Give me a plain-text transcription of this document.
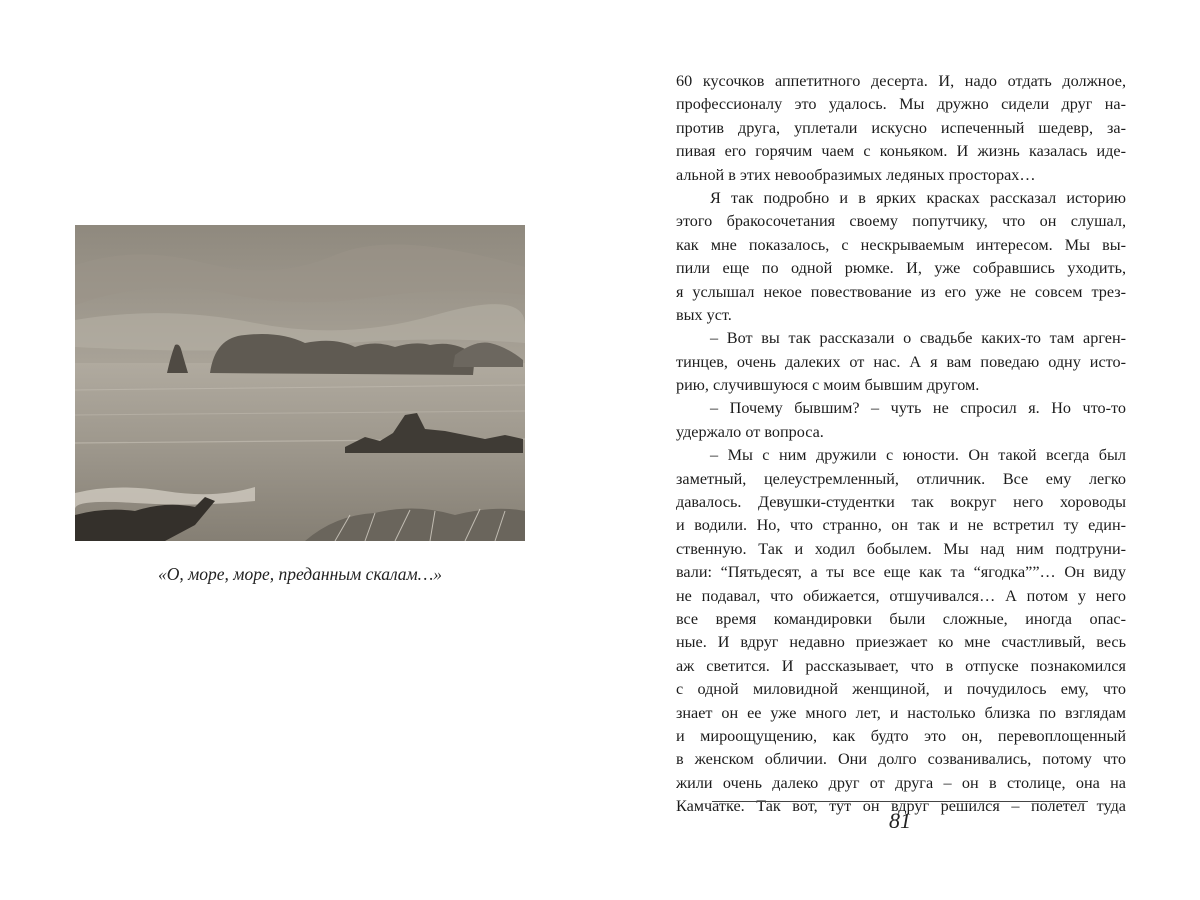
«О, море, море, преданным скалам…»
60 кусочков аппетитного десерта. И, надо отдать должное,
профессионалу это удалось. Мы дружно сидели друг на-
против друга, уплетали искусно испеченный шедевр, за-
пивая его горячим чаем с коньяком. И жизнь казалась иде-
альной в этих невообразимых ледяных просторах…
Я так подробно и в ярких красках рассказал историю
этого бракосочетания своему попутчику, что он слушал,
как мне показалось, с нескрываемым интересом. Мы вы-
пили еще по одной рюмке. И, уже собравшись уходить,
я услышал некое повествование из его уже не совсем трез-
вых уст.
– Вот вы так рассказали о свадьбе каких-то там арген-
тинцев, очень далеких от нас. А я вам поведаю одну исто-
рию, случившуюся с моим бывшим другом.
– Почему бывшим? – чуть не спросил я. Но что-то
удержало от вопроса.
– Мы с ним дружили с юности. Он такой всегда был
заметный, целеустремленный, отличник. Все ему легко
давалось. Девушки-студентки так вокруг него хороводы
и водили. Но, что странно, он так и не встретил ту един-
ственную. Так и ходил бобылем. Мы над ним подтруни-
вали: “Пятьдесят, а ты все еще как та “ягодка””… Он виду
не подавал, что обижается, отшучивался… А потом у него
все время командировки были сложные, иногда опас-
ные. И вдруг недавно приезжает ко мне счастливый, весь
аж светится. И рассказывает, что в отпуске познакомился
с одной миловидной женщиной, и почудилось ему, что
знает он ее уже много лет, и настолько близка по взглядам
и мироощущению, как будто это он, перевоплощенный
в женском обличии. Они долго созванивались, потому что
жили очень далеко друг от друга – он в столице, она на
Камчатке. Так вот, тут он вдруг решился – полетел туда
81
